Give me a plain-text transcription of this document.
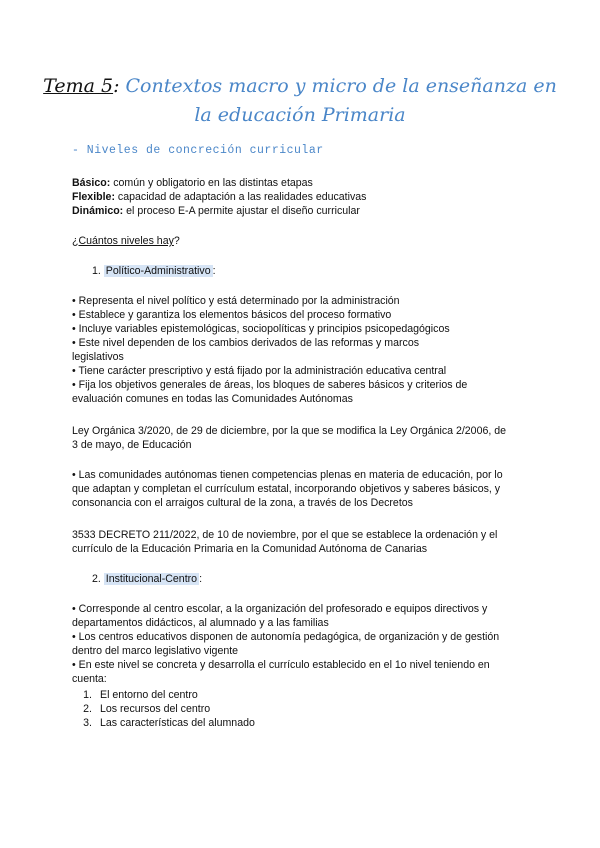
Tema 5: Contextos macro y micro de la enseñanza en la educación Primaria
- Niveles de concreción curricular
Básico: común y obligatorio en las distintas etapas
Flexible: capacidad de adaptación a las realidades educativas
Dinámico: el proceso E-A permite ajustar el diseño curricular
¿Cuántos niveles hay?
1. Político-Administrativo :
• Representa el nivel político y está determinado por la administración
• Establece y garantiza los elementos básicos del proceso formativo
• Incluye variables epistemológicas, sociopolíticas y principios psicopedagógicos
• Este nivel dependen de los cambios derivados de las reformas y marcos
legislativos
• Tiene carácter prescriptivo y está fijado por la administración educativa central
• Fija los objetivos generales de áreas, los bloques de saberes básicos y criterios de
evaluación comunes en todas las Comunidades Autónomas
Ley Orgánica 3/2020, de 29 de diciembre, por la que se modifica la Ley Orgánica 2/2006, de
3 de mayo, de Educación
• Las comunidades autónomas tienen competencias plenas en materia de educación, por lo
que adaptan y completan el currículum estatal, incorporando objetivos y saberes básicos, y
consonancia con el arraigos cultural de la zona, a través de los Decretos
3533 DECRETO 211/2022, de 10 de noviembre, por el que se establece la ordenación y el
currículo de la Educación Primaria en la Comunidad Autónoma de Canarias
2. Institucional-Centro :
• Corresponde al centro escolar, a la organización del profesorado e equipos directivos y
departamentos didácticos, al alumnado y a las familias
• Los centros educativos disponen de autonomía pedagógica, de organización y de gestión
dentro del marco legislativo vigente
• En este nivel se concreta y desarrolla el currículo establecido en el 1o nivel teniendo en
cuenta:
1. El entorno del centro
2. Los recursos del centro
3. Las características del alumnado
